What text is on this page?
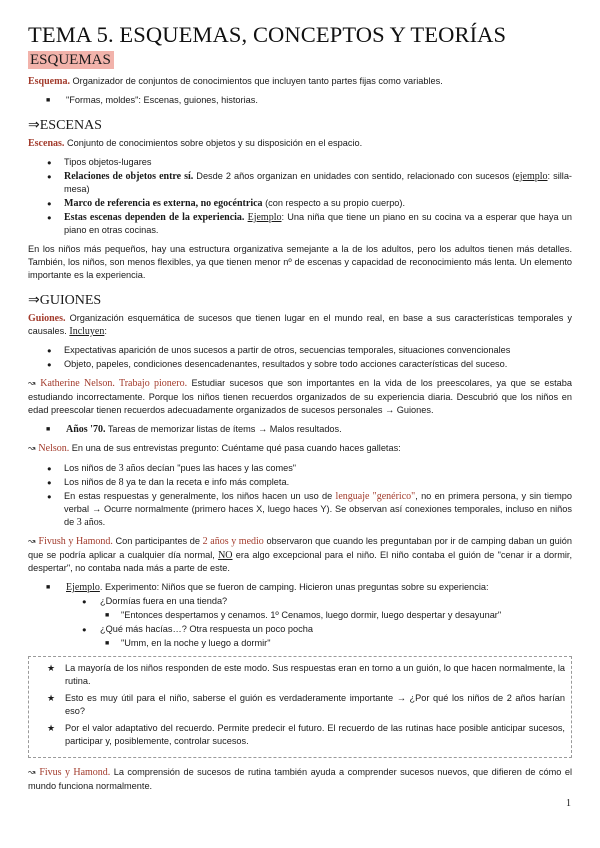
TEMA 5. ESQUEMAS, CONCEPTOS Y TEORÍAS
ESQUEMAS

Esquema. Organizador de conjuntos de conocimientos que incluyen tanto partes fijas como variables.

■ "Formas, moldes": Escenas, guiones, historias.
⇒ESCENAS

Escenas. Conjunto de conocimientos sobre objetos y su disposición en el espacio.

● Tipos objetos-lugares
● Relaciones de objetos entre sí. Desde 2 años organizan en unidades con sentido, relacionado con sucesos (ejemplo: silla-mesa)
● Marco de referencia es externa, no egocéntrica (con respecto a su propio cuerpo).
● Estas escenas dependen de la experiencia. Ejemplo: Una niña que tiene un piano en su cocina va a esperar que haya un piano en otras cocinas.

En los niños más pequeños, hay una estructura organizativa semejante a la de los adultos, pero los adultos tienen más detalles. También, los niños, son menos flexibles, ya que tienen menor nº de escenas y capacidad de reconocimiento más lenta. Un elemento importante es la experiencia.

⇒GUIONES

Guiones. Organización esquemática de sucesos que tienen lugar en el mundo real, en base a sus características temporales y causales. Incluyen:

● Expectativas aparición de unos sucesos a partir de otros, secuencias temporales, situaciones convencionales
● Objeto, papeles, condiciones desencadenantes, resultados y sobre todo acciones características del suceso.

↝ Katherine Nelson. Trabajo pionero. Estudiar sucesos que son importantes en la vida de los preescolares, ya que se estaba estudiando incorrectamente. Porque los niños tienen recuerdos organizados de su experiencia diaria. Descubrió que los niños en edad preescolar tienen recuerdos adecuadamente organizados de sucesos personales → Guiones.

■ Años '70. Tareas de memorizar listas de ítems → Malos resultados.

↝ Nelson. En una de sus entrevistas pregunto: Cuéntame qué pasa cuando haces galletas:

● Los niños de 3 años decían "pues las haces y las comes"
● Los niños de 8 ya te dan la receta e info más completa.
● En estas respuestas y generalmente, los niños hacen un uso de lenguaje "genérico", no en primera persona, y sin tiempo verbal → Ocurre normalmente (primero haces X, luego haces Y). Se observan así conexiones temporales, incluso en niños de 3 años.

↝ Fivush y Hamond. Con participantes de 2 años y medio observaron que cuando les preguntaban por ir de camping daban un guión que se podría aplicar a cualquier día normal, NO era algo excepcional para el niño. El niño contaba el guión de "cenar ir a dormir, despertar", no contaba nada más a parte de este.

■ Ejemplo. Experimento: Niños que se fueron de camping. Hicieron unas preguntas sobre su experiencia:
● ¿Dormías fuera en una tienda?
■ "Entonces despertamos y cenamos. 1º Cenamos, luego dormir, luego despertar y desayunar"
● ¿Qué más hacías…? Otra respuesta un poco pocha
■ "Umm, en la noche y luego a dormir"
★ La mayoría de los niños responden de este modo. Sus respuestas eran en torno a un guión, lo que hacen normalmente, la rutina.
★ Esto es muy útil para el niño, saberse el guión es verdaderamente importante → ¿Por qué los niños de 2 años harían eso?
★ Por el valor adaptativo del recuerdo. Permite predecir el futuro. El recuerdo de las rutinas hace posible anticipar sucesos, participar y, posiblemente, controlar sucesos.

↝ Fivus y Hamond. La comprensión de sucesos de rutina también ayuda a comprender sucesos nuevos, que difieren de cómo el mundo funciona normalmente.

1
